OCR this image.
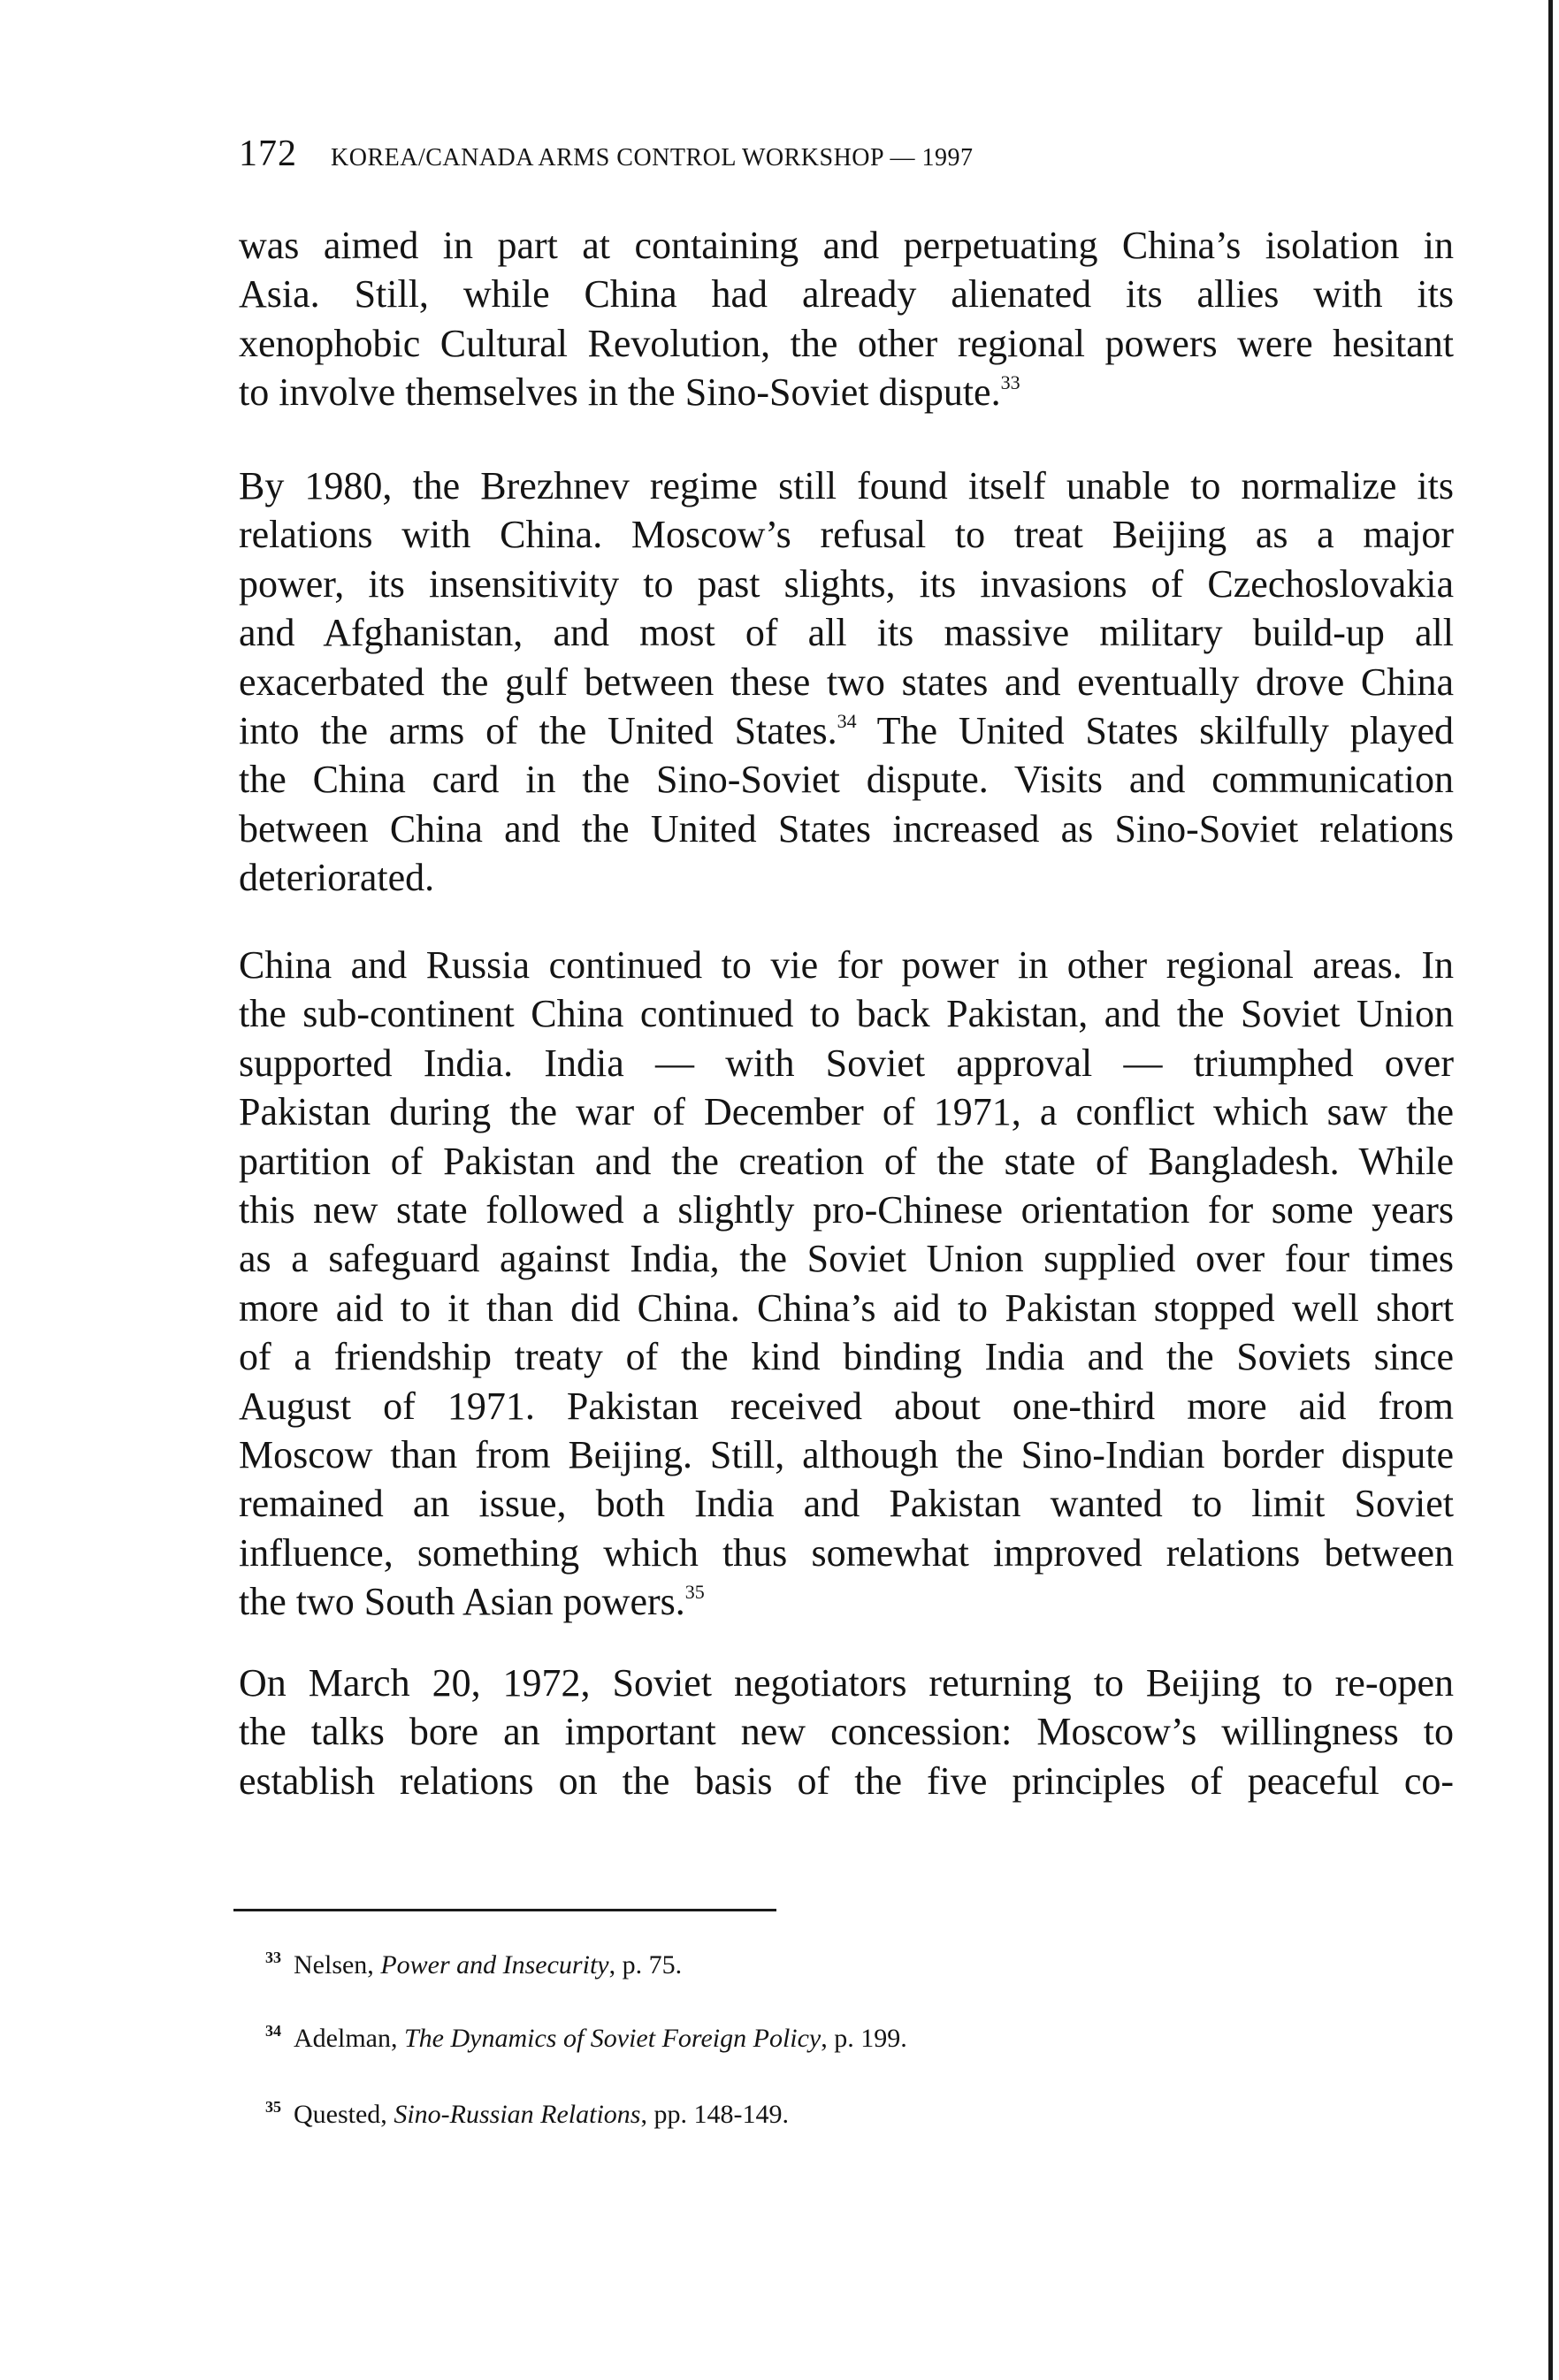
172 KOREA/CANADA ARMS CONTROL WORKSHOP — 1997
was aimed in part at containing and perpetuating China’s isolation in
Asia. Still, while China had already alienated its allies with its
xenophobic Cultural Revolution, the other regional powers were hesitant
to involve themselves in the Sino-Soviet dispute.$^{33}$
By 1980, the Brezhnev regime still found itself unable to normalize its
relations with China. Moscow’s refusal to treat Beijing as a major
power, its insensitivity to past slights, its invasions of Czechoslovakia
and Afghanistan, and most of all its massive military build-up all
exacerbated the gulf between these two states and eventually drove China
into the arms of the United States.$^{34}$ The United States skilfully played
the China card in the Sino-Soviet dispute. Visits and communication
between China and the United States increased as Sino-Soviet relations
deteriorated.
China and Russia continued to vie for power in other regional areas. In
the sub-continent China continued to back Pakistan, and the Soviet Union
supported India. India — with Soviet approval — triumphed over
Pakistan during the war of December of 1971, a conflict which saw the
partition of Pakistan and the creation of the state of Bangladesh. While
this new state followed a slightly pro-Chinese orientation for some years
as a safeguard against India, the Soviet Union supplied over four times
more aid to it than did China. China’s aid to Pakistan stopped well short
of a friendship treaty of the kind binding India and the Soviets since
August of 1971. Pakistan received about one-third more aid from
Moscow than from Beijing. Still, although the Sino-Indian border dispute
remained an issue, both India and Pakistan wanted to limit Soviet
influence, something which thus somewhat improved relations between
the two South Asian powers.$^{35}$
On March 20, 1972, Soviet negotiators returning to Beijing to re-open
the talks bore an important new concession: Moscow’s willingness to
establish relations on the basis of the five principles of peaceful co-
$^{33}$ Nelsen, Power and Insecurity, p. 75.
$^{34}$ Adelman, The Dynamics of Soviet Foreign Policy, p. 199.
$^{35}$ Quested, Sino-Russian Relations, pp. 148-149.
